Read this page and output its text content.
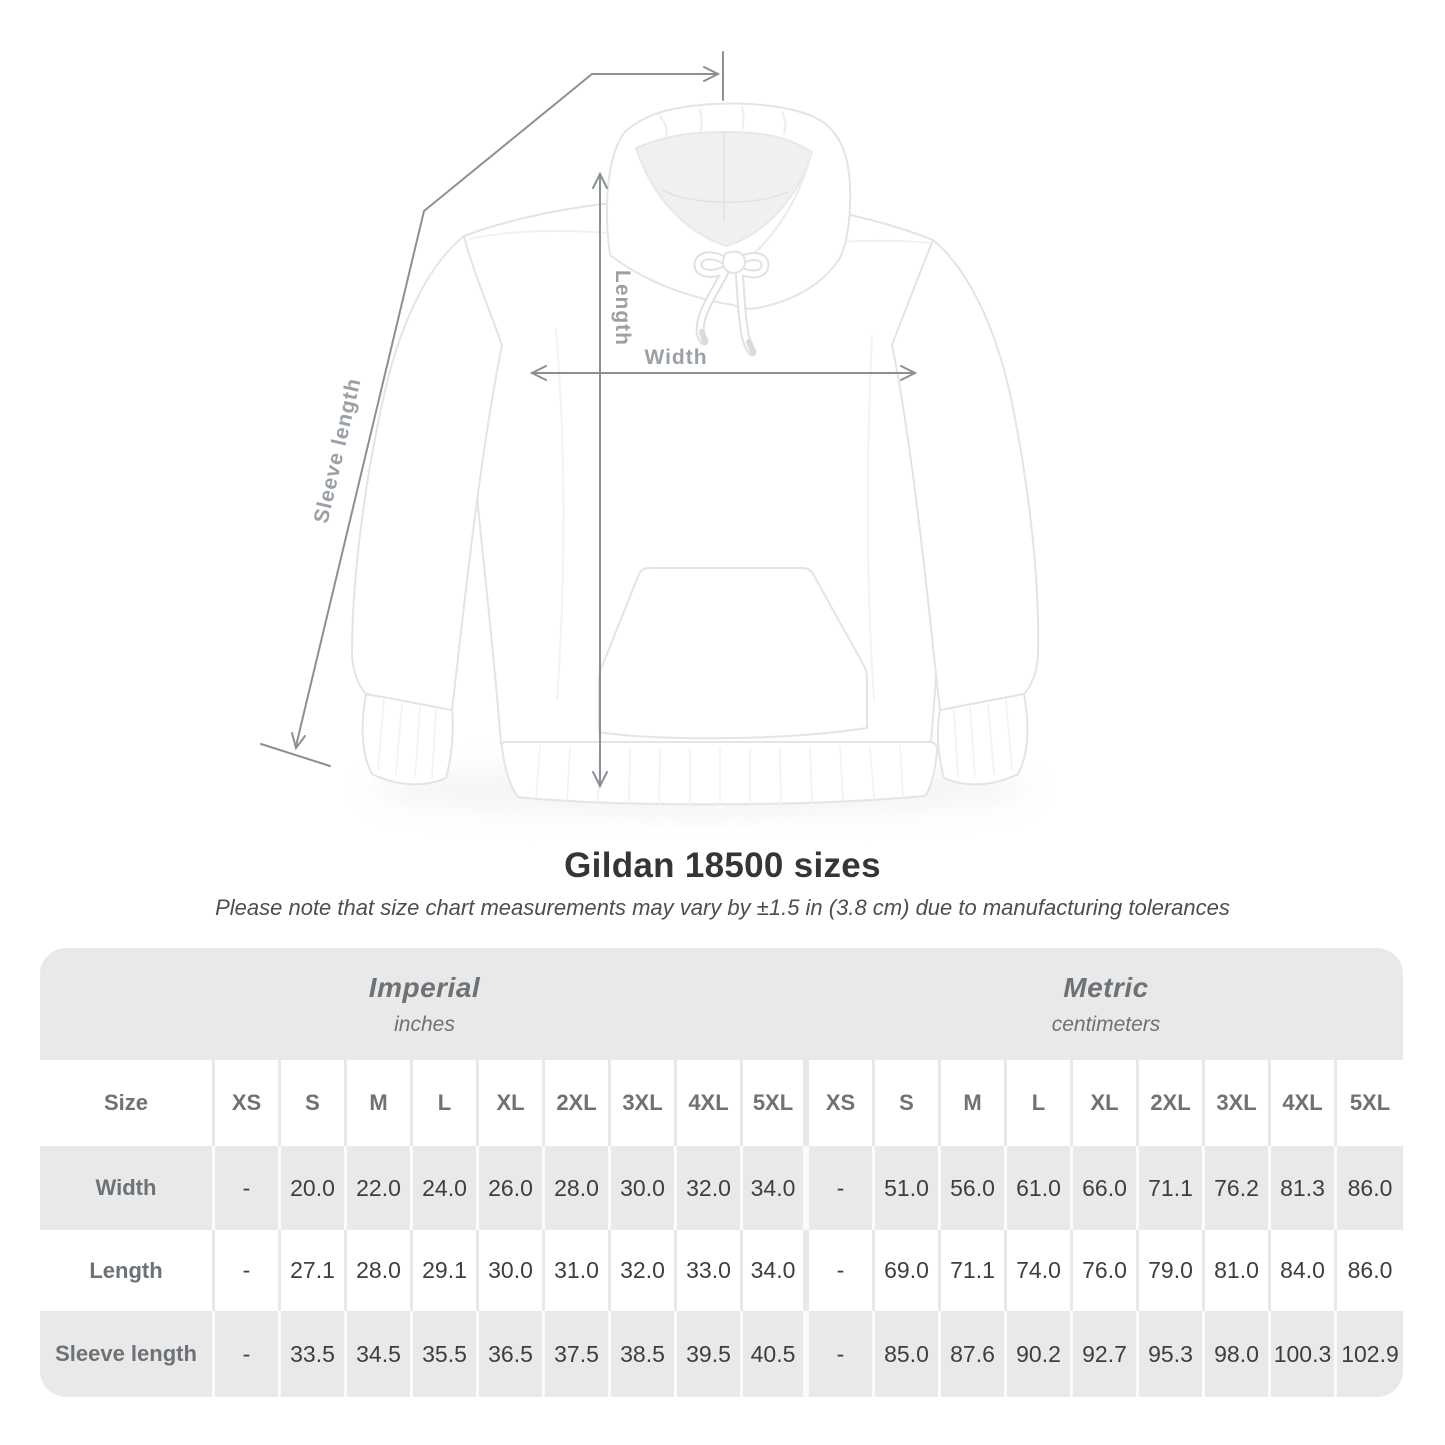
Width
Length
Sleeve length
Gildan 18500 sizes
Please note that size chart measurements may vary by ±1.5 in (3.8 cm) due to manufacturing tolerances
Imperial
inches
Metric
centimeters
Size	XS	S	M	L	XL	2XL	3XL	4XL	5XL	XS	S	M	L	XL	2XL	3XL	4XL	5XL
Width	-	20.0 22.0 24.0 26.0 28.0 30.0 32.0 34.0	-	51.0 56.0 61.0 66.0 71.1 76.2 81.3 86.0
Length	-	27.1 28.0 29.1 30.0 31.0 32.0 33.0 34.0	-	69.0 71.1 74.0 76.0 79.0 81.0 84.0 86.0
Sleeve length	-	33.5 34.5 35.5 36.5 37.5 38.5 39.5 40.5	-	85.0 87.6 90.2 92.7 95.3 98.0 100.3 102.9
